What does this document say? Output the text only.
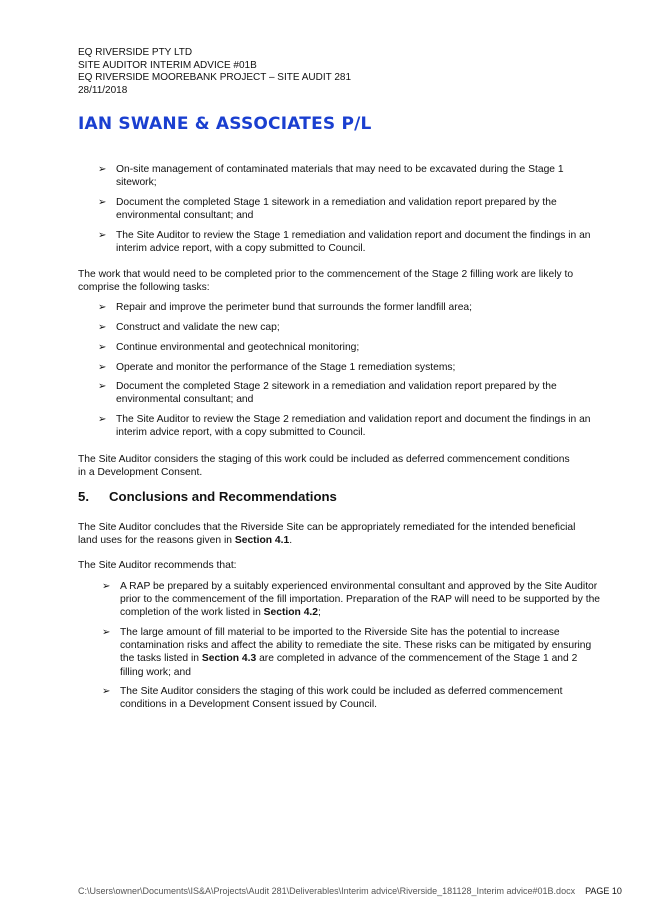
EQ RIVERSIDE PTY LTD
SITE AUDITOR INTERIM ADVICE #01B
EQ RIVERSIDE MOOREBANK PROJECT – SITE AUDIT 281
28/11/2018
IAN SWANE & ASSOCIATES P/L
➢ On-site management of contaminated materials that may need to be excavated during the Stage 1 sitework;
➢ Document the completed Stage 1 sitework in a remediation and validation report prepared by the environmental consultant; and
➢ The Site Auditor to review the Stage 1 remediation and validation report and document the findings in an interim advice report, with a copy submitted to Council.

The work that would need to be completed prior to the commencement of the Stage 2 filling work are likely to comprise the following tasks:

➢ Repair and improve the perimeter bund that surrounds the former landfill area;
➢ Construct and validate the new cap;
➢ Continue environmental and geotechnical monitoring;
➢ Operate and monitor the performance of the Stage 1 remediation systems;
➢ Document the completed Stage 2 sitework in a remediation and validation report prepared by the environmental consultant; and
➢ The Site Auditor to review the Stage 2 remediation and validation report and document the findings in an interim advice report, with a copy submitted to Council.

The Site Auditor considers the staging of this work could be included as deferred commencement conditions in a Development Consent.

The Site Auditor concludes that the Riverside Site can be appropriately remediated for the intended beneficial land uses for the reasons given in Section 4.1.

The Site Auditor recommends that:

➢ A RAP be prepared by a suitably experienced environmental consultant and approved by the Site Auditor prior to the commencement of the fill importation. Preparation of the RAP will need to be supported by the completion of the work listed in Section 4.2;
➢ The large amount of fill material to be imported to the Riverside Site has the potential to increase contamination risks and affect the ability to remediate the site. These risks can be mitigated by ensuring the tasks listed in Section 4.3 are completed in advance of the commencement of the Stage 1 and 2 filling work; and
➢ The Site Auditor considers the staging of this work could be included as deferred commencement conditions in a Development Consent issued by Council.
5. Conclusions and Recommendations
C:\Users\owner\Documents\IS&A\Projects\Audit 281\Deliverables\Interim advice\Riverside_181128_Interim advice#01B.docx PAGE 10
